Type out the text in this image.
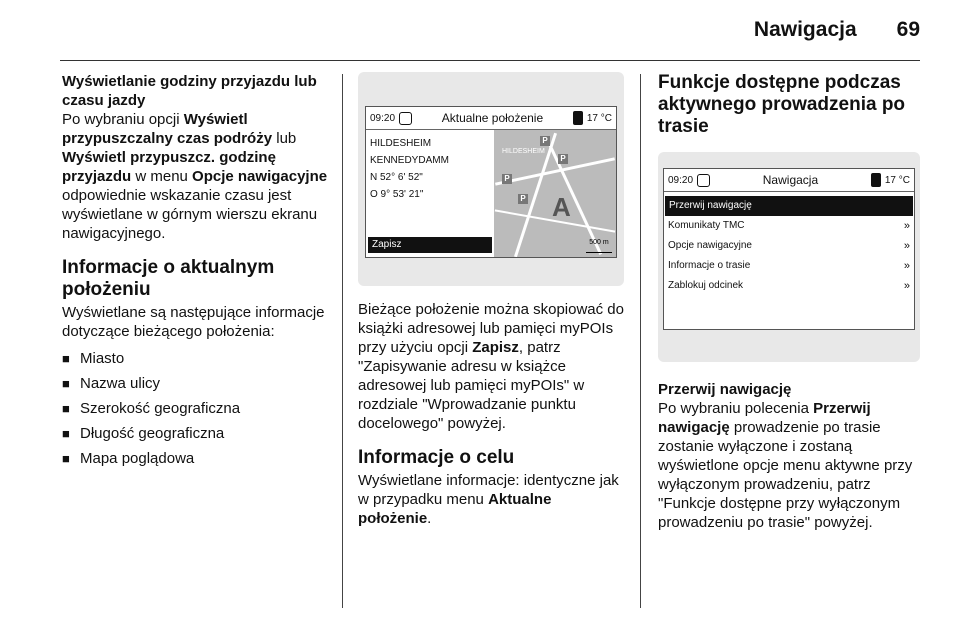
Nawigacja 69
Wyświetlanie godziny przyjazdu lub czasu jazdy

Po wybraniu opcji Wyświetl przypuszczalny czas podróży lub Wyświetl przypuszcz. godzinę przyjazdu w menu Opcje nawigacyjne odpowiednie wskazanie czasu jest wyświetlane w górnym wierszu ekranu nawigacyjnego.

Informacje o aktualnym położeniu

Wyświetlane są następujące informacje dotyczące bieżącego położenia:

■ Miasto
■ Nazwa ulicy
■ Szerokość geograficzna
■ Długość geograficzna
■ Mapa poglądowa
09:20	Aktualne położenie	17 °C
HILDESHEIM
KENNEDYDAMM
N 52° 6' 52"
O 9° 53' 21"
Zapisz
HILDESHEIM
P
P
P
P A
500 m

Bieżące położenie można skopiować do książki adresowej lub pamięci myPOIs przy użyciu opcji Zapisz, patrz "Zapisywanie adresu w książce adresowej lub pamięci myPOIs" w rozdziale "Wprowadzanie punktu docelowego" powyżej.

Informacje o celu

Wyświetlane informacje: identyczne jak w przypadku menu Aktualne położenie.

Funkcje dostępne podczas aktywnego prowadzenia po trasie
09:20	Nawigacja	17 °C
Przerwij nawigację
Komunikaty TMC	»
Opcje nawigacyjne	»
Informacje o trasie	»
Zablokuj odcinek	»
Przerwij nawigację

Po wybraniu polecenia Przerwij nawigację prowadzenie po trasie zostanie wyłączone i zostaną wyświetlone opcje menu aktywne przy wyłączonym prowadzeniu, patrz "Funkcje dostępne przy wyłączonym prowadzeniu po trasie" powyżej.
